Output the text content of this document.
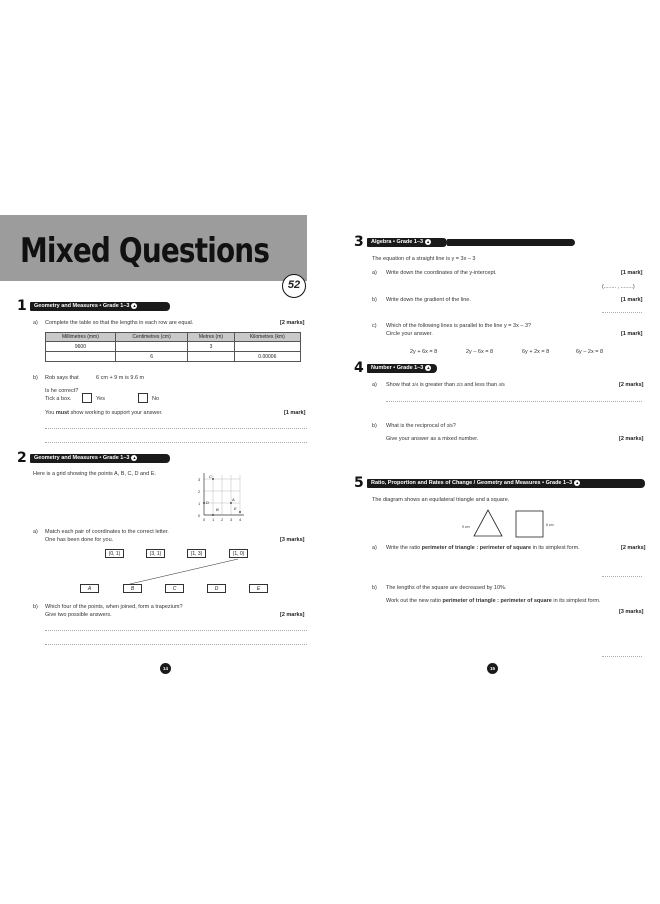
Mixed Questions
52
1	Geometry and Measures • Grade 1–3 ▲
a) Complete the table so that the lengths in each row are equal.	[2 marks]
Millimetres (mm)	Centimetres (cm)	Metres (m)	Kilometres (km)
9600		3	
	6		0.00006
b) Rob says that	6 cm + 9 m is 9.6 m
Is he correct?
Tick a box.	Yes	No
You must show working to support your answer.	[1 mark]
2	Geometry and Measures • Grade 1–3 ▲
Here is a grid showing the points A, B, C, D and E.
3
2
1
0
0 1 2 3 4
C
D
A
B	E
a) Match each pair of coordinates to the correct letter.
One has been done for you.	[3 marks]
(0, 1)	(3, 1)	(1, 3)	(1, 0)
A	B	C	D	E
b) Which four of the points, when joined, form a trapezium?
Give two possible answers.	[2 marks]
14
3	Algebra • Grade 1–3 ▲
The equation of a straight line is y = 3x – 3
a) Write down the coordinates of the y-intercept.	[1 mark]
(........ , ........)
b) Write down the gradient of the line.	[1 mark]
c) Which of the following lines is parallel to the line y = 3x – 3?
Circle your answer.	[1 mark]
2y + 6x = 8	2y – 6x = 8	6y + 2x = 8	6y – 2x = 8
4	Number • Grade 1–3 ▲
a) Show that 3/4 is greater than 2/3 and less than 4/5	[2 marks]
b) What is the reciprocal of 3/5?
Give your answer as a mixed number.	[2 marks]
5	Ratio, Proportion and Rates of Change / Geometry and Measures • Grade 1–3 ▲
The diagram shows an equilateral triangle and a square.
9 cm	6 cm
a) Write the ratio perimeter of triangle : perimeter of square in its simplest form.	[2 marks]
b) The lengths of the square are decreased by 10%.
Work out the new ratio perimeter of triangle : perimeter of square in its simplest form.
[3 marks]
15
